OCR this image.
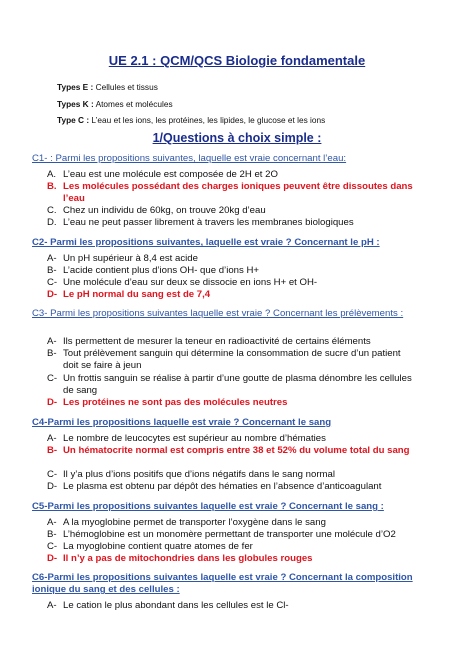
UE 2.1 : QCM/QCS Biologie fondamentale
Types E : Cellules et tissus
Types K : Atomes et molécules
Type C : L’eau et les ions, les protéines, les lipides, le glucose et les ions
1/Questions à choix simple :
C1- : Parmi les propositions suivantes, laquelle est vraie concernant l’eau:
A. L’eau est une molécule est composée de 2H et 2O
B. Les molécules possédant des charges ioniques peuvent être dissoutes dans l’eau
C. Chez un individu de 60kg, on trouve 20kg d’eau
D. L’eau ne peut passer librement à travers les membranes biologiques
C2- Parmi les propositions suivantes, laquelle est vraie ? Concernant le pH :
A- Un pH supérieur à 8,4 est acide
B- L’acide contient plus d’ions OH- que d’ions H+
C- Une molécule d’eau sur deux se dissocie en ions H+ et OH-
D- Le pH normal du sang est de 7,4
C3- Parmi les propositions suivantes laquelle est vraie ? Concernant les prélèvements :
A- Ils permettent de mesurer la teneur en radioactivité de certains éléments
B- Tout prélèvement sanguin qui détermine la consommation de sucre d’un patient doit se faire à jeun
C- Un frottis sanguin se réalise à partir d’une goutte de plasma dénombre les cellules de sang
D- Les protéines ne sont pas des molécules neutres
C4-Parmi les propositions laquelle est vraie ? Concernant le sang
A- Le nombre de leucocytes est supérieur au nombre d’hématies
B- Un hématocrite normal est compris entre 38 et 52% du volume total du sang
C- Il y’a plus d’ions positifs que d’ions négatifs dans le sang normal
D- Le plasma est obtenu par dépôt des hématies en l’absence d’anticoagulant
C5-Parmi les propositions suivantes laquelle est vraie ? Concernant le sang :
A- A la myoglobine permet de transporter l’oxygène dans le sang
B- L’hémoglobine est un monomère permettant de transporter une molécule d’O2
C- La myoglobine contient quatre atomes de fer
D- Il n’y a pas de mitochondries dans les globules rouges
C6-Parmi les propositions suivantes laquelle est vraie ? Concernant la composition ionique du sang et des cellules :
A- Le cation le plus abondant dans les cellules est le Cl-
